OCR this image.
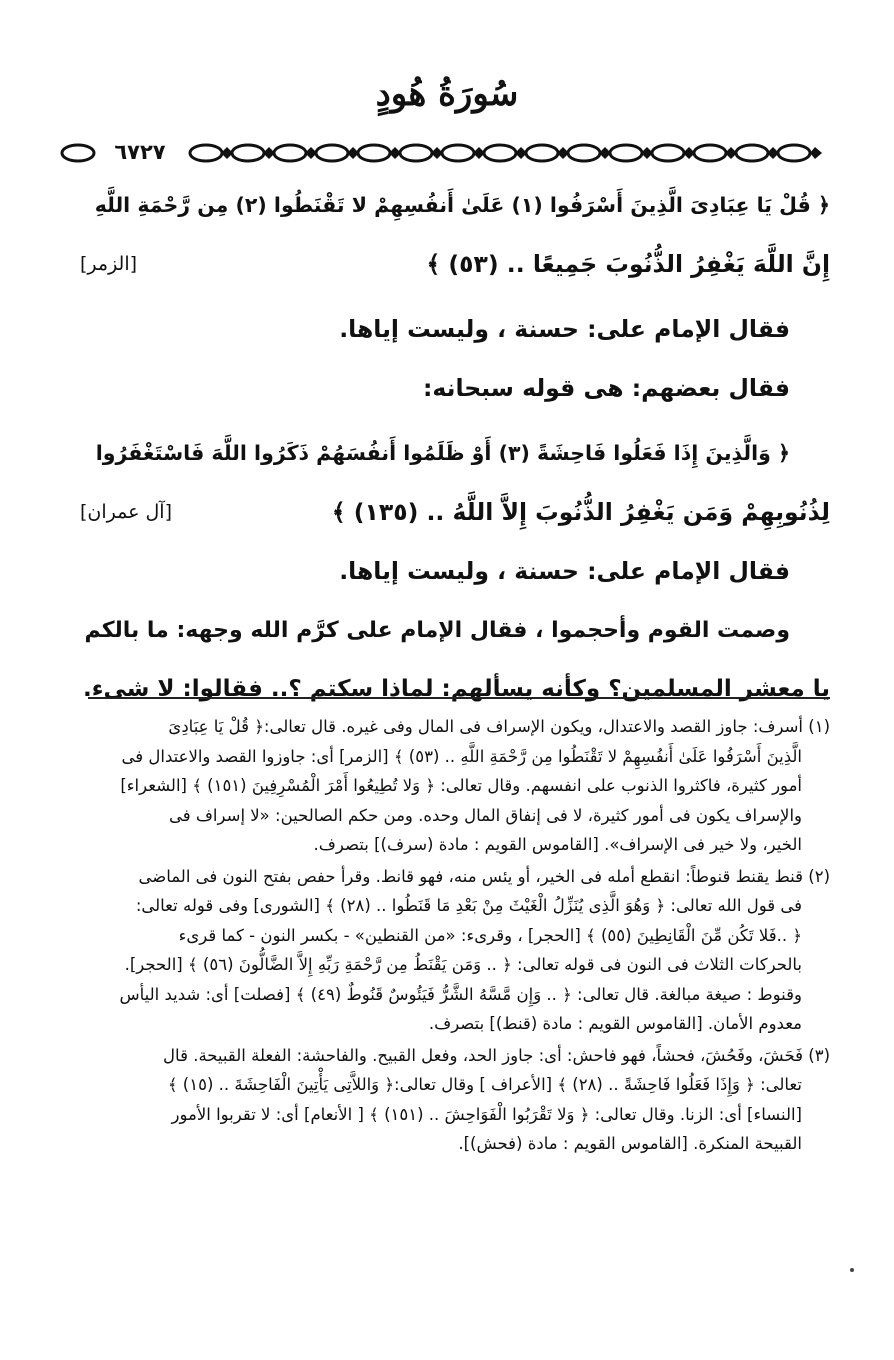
سُورَةُ هُودٍ
٦٧٢٧
﴿ قُلْ يَا عِبَادِىَ الَّذِينَ أَسْرَفُوا (١) عَلَىٰ أَنفُسِهِمْ لا تَقْنَطُوا (٢) مِن رَّحْمَةِ اللَّهِ
إِنَّ اللَّهَ يَغْفِرُ الذُّنُوبَ جَمِيعًا .. (٥٣) ﴾
[الزمر]
فقال الإمام على: حسنة ، وليست إياها.
فقال بعضهم: هى قوله سبحانه:
﴿ وَالَّذِينَ إِذَا فَعَلُوا فَاحِشَةً (٣) أَوْ ظَلَمُوا أَنفُسَهُمْ ذَكَرُوا اللَّهَ فَاسْتَغْفَرُوا
لِذُنُوبِهِمْ وَمَن يَغْفِرُ الذُّنُوبَ إِلاَّ اللَّهُ .. (١٣٥) ﴾
[آل عمران]
فقال الإمام على: حسنة ، وليست إياها.
وصمت القوم وأحجموا ، فقال الإمام على كرَّم الله وجهه: ما بالكم
يا معشر المسلمين؟ وكأنه يسألهم: لماذا سكتم ؟.. فقالوا: لا شىء.
(١) أسرف: جاوز القصد والاعتدال، ويكون الإسراف فى المال وفى غيره. قال تعالى:﴿ قُلْ يَا عِبَادِىَ
الَّذِينَ أَسْرَفُوا عَلَىٰ أَنفُسِهِمْ لا تَقْنَطُوا مِن رَّحْمَةِ اللَّهِ .. (٥٣) ﴾ [الزمر] أى: جاوزوا القصد والاعتدال فى
أمور كثيرة، فاكثروا الذنوب على انفسهم. وقال تعالى: ﴿ وَلا تُطِيعُوا أَمْرَ الْمُسْرِفِينَ (١٥١) ﴾ [الشعراء]
والإسراف يكون فى أمور كثيرة، لا فى إنفاق المال وحده. ومن حكم الصالحين: «لا إسراف فى
الخير، ولا خير فى الإسراف». [القاموس القويم : مادة (سرف)] بتصرف.
(٢) قنط يقنط قنوطاً: انقطع أمله فى الخير، أو يئس منه، فهو قانط. وقرأ حفص بفتح النون فى الماضى
فى قول الله تعالى: ﴿ وَهُوَ الَّذِى يُنَزِّلُ الْغَيْثَ مِنْ بَعْدِ مَا قَنَطُوا .. (٢٨) ﴾ [الشورى] وفى قوله تعالى:
﴿ ..فَلا تَكُن مِّنَ الْقَانِطِينَ (٥٥) ﴾ [الحجر] ، وقرىء: «من القنطين» - بكسر النون - كما قرىء
بالحركات الثلاث فى النون فى قوله تعالى: ﴿ .. وَمَن يَقْنَطُ مِن رَّحْمَةِ رَبِّهِ إِلاَّ الضَّالُّونَ (٥٦) ﴾ [الحجر].
وقنوط : صيغة مبالغة. قال تعالى: ﴿ .. وَإِن مَّسَّهُ الشَّرُّ فَيَئُوسٌ قَنُوطٌ (٤٩) ﴾ [فصلت] أى: شديد اليأس
معدوم الأمان. [القاموس القويم : مادة (قنط)] بتصرف.
(٣) فَحَشَ، وفَحُشَ، فحشاً، فهو فاحش: أى: جاوز الحد، وفعل القبيح. والفاحشة: الفعلة القبيحة. قال
تعالى: ﴿ وَإِذَا فَعَلُوا فَاحِشَةً .. (٢٨) ﴾ [الأعراف ] وقال تعالى:﴿ وَاللاَّتِى يَأْتِينَ الْفَاحِشَةَ .. (١٥) ﴾
[النساء] أى: الزنا. وقال تعالى: ﴿ وَلا تَقْرَبُوا الْفَوَاحِشَ .. (١٥١) ﴾ [ الأنعام] أى: لا تقربوا الأمور
القبيحة المنكرة. [القاموس القويم : مادة (فحش)].
